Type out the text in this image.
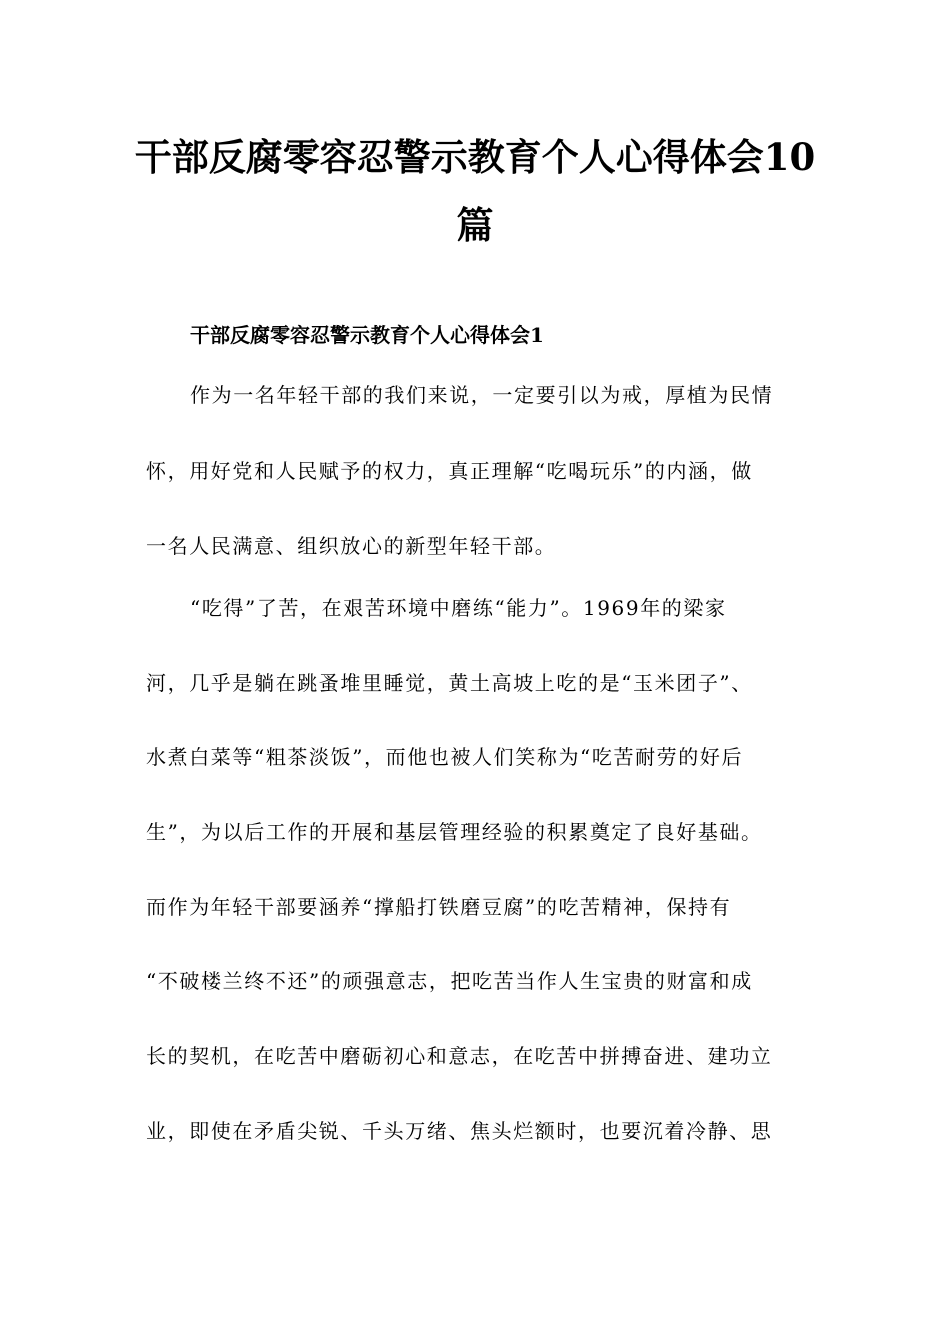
干部反腐零容忍警示教育个人心得体会10
篇
干部反腐零容忍警示教育个人心得体会1
作为一名年轻干部的我们来说，一定要引以为戒，厚植为民情
怀，用好党和人民赋予的权力，真正理解“吃喝玩乐”的内涵，做
一名人民满意、组织放心的新型年轻干部。
“吃得”了苦，在艰苦环境中磨练“能力”。1969年的梁家
河，几乎是躺在跳蚤堆里睡觉，黄土高坡上吃的是“玉米团子”、
水煮白菜等“粗茶淡饭”，而他也被人们笑称为“吃苦耐劳的好后
生”，为以后工作的开展和基层管理经验的积累奠定了良好基础。
而作为年轻干部要涵养“撑船打铁磨豆腐”的吃苦精神，保持有
“不破楼兰终不还”的顽强意志，把吃苦当作人生宝贵的财富和成
长的契机，在吃苦中磨砺初心和意志，在吃苦中拼搏奋进、建功立
业，即使在矛盾尖锐、千头万绪、焦头烂额时，也要沉着冷静、思
